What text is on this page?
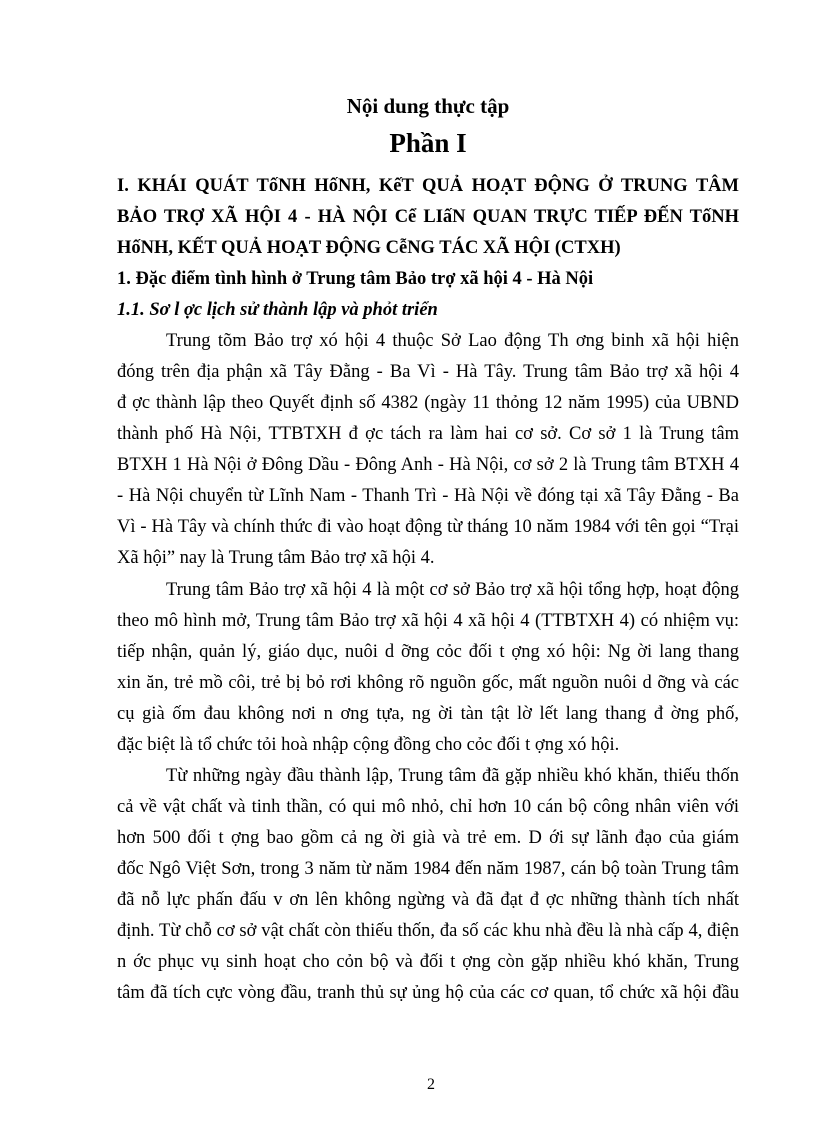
Nội dung thực tập
Phần I
I. KHÁI QUÁT TốNH HốNH, KếT QUẢ HOẠT ĐỘNG Ở TRUNG TÂM
BẢO TRỢ XÃ HỘI 4 - HÀ NỘI Cể LIấN QUAN TRỰC TIẾP ĐẾN TốNH
HốNH, KẾT QUẢ HOẠT ĐỘNG CễNG TÁC XÃ HỘI (CTXH)
1. Đặc điểm tình hình ở Trung tâm Bảo trợ xã hội 4 - Hà Nội
1.1. Sơ l ợc lịch sử thành lập và phỏt triển
Trung tõm Bảo trợ xó hội 4 thuộc Sở Lao động Th ơng binh xã hội hiện
đóng trên địa phận xã Tây Đằng - Ba Vì - Hà Tây. Trung tâm Bảo trợ xã hội 4
đ ợc thành lập theo Quyết định số 4382 (ngày 11 thỏng 12 năm 1995) của UBND
thành phố Hà Nội, TTBTXH đ ợc tách ra làm hai cơ sở. Cơ sở 1 là Trung tâm
BTXH 1 Hà Nội ở Đông Dầu - Đông Anh - Hà Nội, cơ sở 2 là Trung tâm BTXH 4
- Hà Nội chuyển từ Lĩnh Nam - Thanh Trì - Hà Nội về đóng tại xã Tây Đằng - Ba
Vì - Hà Tây và chính thức đi vào hoạt động từ tháng 10 năm 1984 với tên gọi “Trại
Xã hội” nay là Trung tâm Bảo trợ xã hội 4.
Trung tâm Bảo trợ xã hội 4 là một cơ sở Bảo trợ xã hội tổng hợp, hoạt động
theo mô hình mở, Trung tâm Bảo trợ xã hội 4 xã hội 4 (TTBTXH 4) có nhiệm vụ:
tiếp nhận, quản lý, giáo dục, nuôi d ỡng cỏc đối t ợng xó hội: Ng ời lang thang
xin ăn, trẻ mồ côi, trẻ bị bỏ rơi không rõ nguồn gốc, mất nguồn nuôi d ỡng và các
cụ già ốm đau không nơi n ơng tựa, ng ời tàn tật lờ lết lang thang đ ờng phố,
đặc biệt là tổ chức tỏi hoà nhập cộng đồng cho cỏc đối t ợng xó hội.
Từ những ngày đầu thành lập, Trung tâm đã gặp nhiều khó khăn, thiếu thốn
cả về vật chất và tinh thần, có qui mô nhỏ, chỉ hơn 10 cán bộ công nhân viên với
hơn 500 đối t ợng bao gồm cả ng ời già và trẻ em. D ới sự lãnh đạo của giám
đốc Ngô Việt Sơn, trong 3 năm từ năm 1984 đến năm 1987, cán bộ toàn Trung tâm
đã nỗ lực phấn đấu v ơn lên không ngừng và đã đạt đ ợc những thành tích nhất
định. Từ chỗ cơ sở vật chất còn thiếu thốn, đa số các khu nhà đều là nhà cấp 4, điện
n ớc phục vụ sinh hoạt cho cỏn bộ và đối t ợng còn gặp nhiều khó khăn, Trung
tâm đã tích cực vòng đầu, tranh thủ sự ủng hộ của các cơ quan, tổ chức xã hội đầu
2
